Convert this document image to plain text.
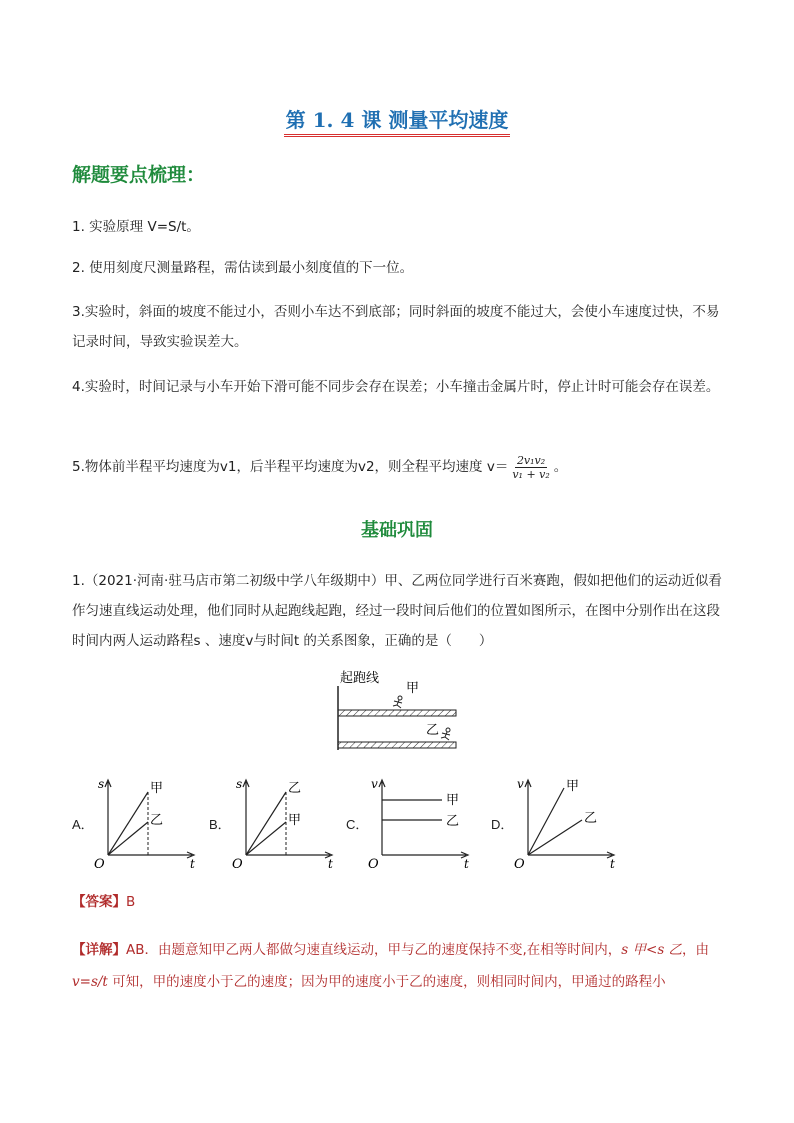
第 1. 4 课 测量平均速度
解题要点梳理：
1. 实验原理 V=S/t。
2. 使用刻度尺测量路程，需估读到最小刻度值的下一位。
3.实验时，斜面的坡度不能过小，否则小车达不到底部；同时斜面的坡度不能过大，会使小车速度过快，不易记录时间，导致实验误差大。
4.实验时，时间记录与小车开始下滑可能不同步会存在误差；小车撞击金属片时，停止计时可能会存在误差。
5.物体前半程平均速度为v1，后半程平均速度为v2，则全程平均速度 $v= \frac{\text{2v₁v₂}}{\text{v₁ + v₂}}$ 。
基础巩固
1.（2021·河南·驻马店市第二初级中学八年级期中）甲、乙两位同学进行百米赛跑，假如把他们的运动近似看作匀速直线运动处理，他们同时从起跑线起跑，经过一段时间后他们的位置如图所示，在图中分别作出在这段时间内两人运动路程s 、速度v与时间t 的关系图象，正确的是（　　）
起跑线
甲
乙
A．
s
t
O
甲
乙	B．
s
t
O
乙
甲	C．
v
t
O
甲
乙 D．
v
t
O
甲
乙
【答案】B
【详解】AB．由题意知甲乙两人都做匀速直线运动，甲与乙的速度保持不变,在相等时间内，s 甲<s 乙，由 v=s/t 可知，甲的速度小于乙的速度；因为甲的速度小于乙的速度，则相同时间内，甲通过的路程小
